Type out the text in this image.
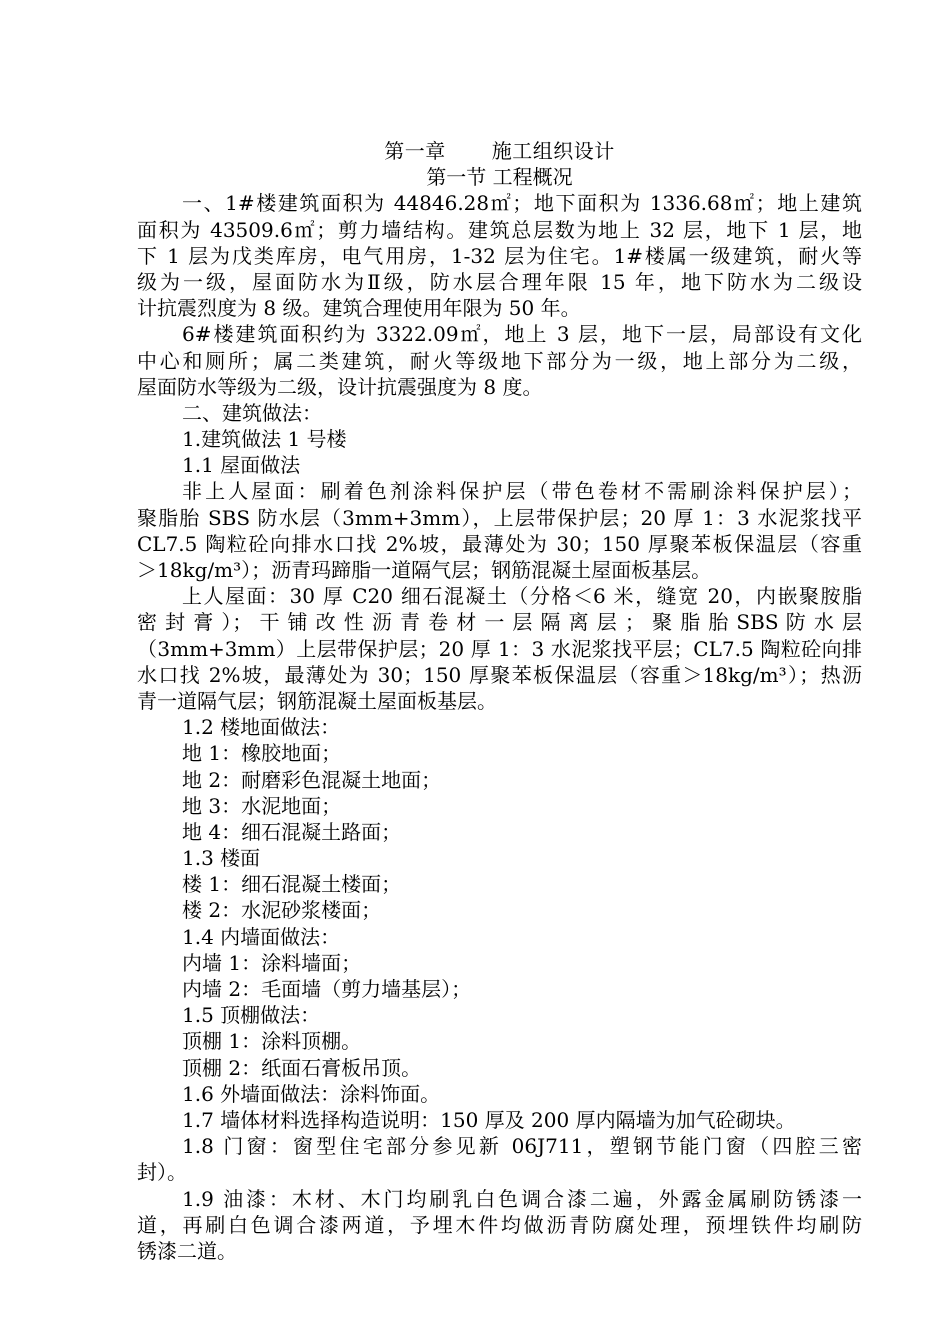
第一章 施工组织设计
第一节 工程概况
一、1#楼建筑面积为 44846.28㎡；地下面积为 1336.68㎡；地上建筑
面积为 43509.6㎡；剪力墙结构。建筑总层数为地上 32 层，地下 1 层，地
下 1 层为戊类库房，电气用房，1-32 层为住宅。1#楼属一级建筑，耐火等
级为一级，屋面防水为Ⅱ级，防水层合理年限 15 年，地下防水为二级设
计抗震烈度为 8 级。建筑合理使用年限为 50 年。
6#楼建筑面积约为 3322.09㎡，地上 3 层，地下一层，局部设有文化
中心和厕所；属二类建筑，耐火等级地下部分为一级，地上部分为二级，
屋面防水等级为二级，设计抗震强度为 8 度。
二、建筑做法：
1.建筑做法 1 号楼
1.1 屋面做法
非上人屋面：刷着色剂涂料保护层（带色卷材不需刷涂料保护层）；
聚脂胎 SBS 防水层（3mm+3mm），上层带保护层；20 厚 1：3 水泥浆找平
CL7.5 陶粒砼向排水口找 2%坡，最薄处为 30；150 厚聚苯板保温层（容重
＞18kg/m³）；沥青玛蹄脂一道隔气层；钢筋混凝土屋面板基层。
上人屋面：30 厚 C20 细石混凝土（分格＜6 米，缝宽 20，内嵌聚胺脂
密 封 膏 ）； 干 铺 改 性 沥 青 卷 材 一 层 隔 离 层 ； 聚 脂 胎 SBS 防 水 层
（3mm+3mm）上层带保护层；20 厚 1：3 水泥浆找平层；CL7.5 陶粒砼向排
水口找 2%坡，最薄处为 30；150 厚聚苯板保温层（容重＞18kg/m³）；热沥
青一道隔气层；钢筋混凝土屋面板基层。
1.2 楼地面做法：
地 1：橡胶地面；
地 2：耐磨彩色混凝土地面；
地 3：水泥地面；
地 4：细石混凝土路面；
1.3 楼面
楼 1：细石混凝土楼面；
楼 2：水泥砂浆楼面；
1.4 内墙面做法：
内墙 1：涂料墙面；
内墙 2：毛面墙（剪力墙基层）；
1.5 顶棚做法：
顶棚 1：涂料顶棚。
顶棚 2：纸面石膏板吊顶。
1.6 外墙面做法：涂料饰面。
1.7 墙体材料选择构造说明：150 厚及 200 厚内隔墙为加气砼砌块。
1.8 门窗：窗型住宅部分参见新 06J711，塑钢节能门窗（四腔三密
封）。
1.9 油漆：木材、木门均刷乳白色调合漆二遍，外露金属刷防锈漆一
道，再刷白色调合漆两道，予埋木件均做沥青防腐处理，预埋铁件均刷防
锈漆二道。
